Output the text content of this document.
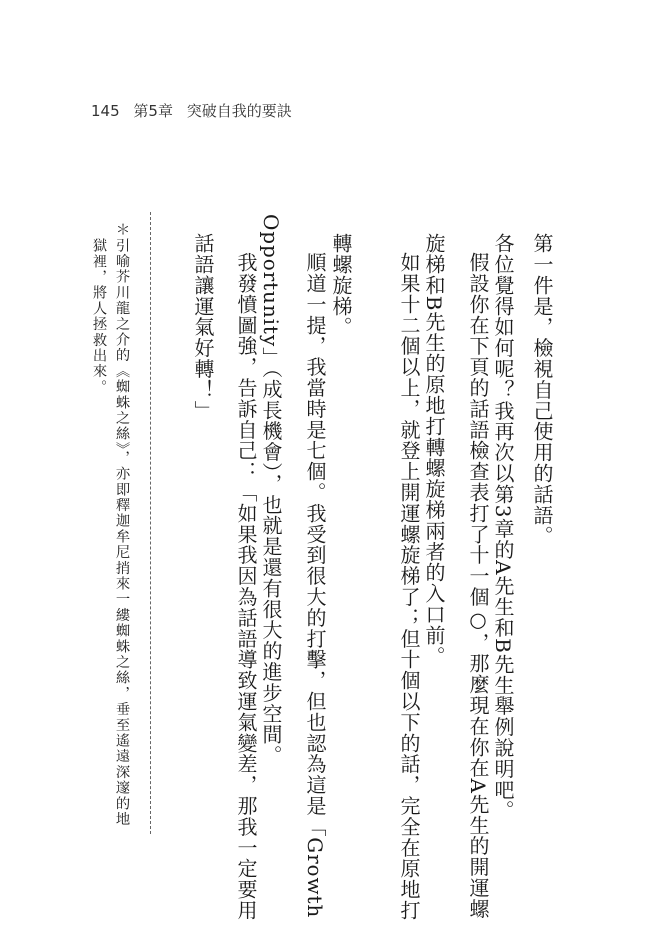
145 第5章 突破自我的要訣
第一件是，檢視自己使用的話語。
各位覺得如何呢？我再次以第3章的A先生和B先生舉例說明吧。
假設你在下頁的話語檢查表打了十一個○，那麼現在你在A先生的開運螺
旋梯和B先生的原地打轉螺旋梯兩者的入口前。
如果十二個以上，就登上開運螺旋梯了；但十個以下的話，完全在原地打
轉螺旋梯。
順道一提，我當時是七個。我受到很大的打擊，但也認為這是「Growth
Opportunity」（成長機會），也就是還有很大的進步空間。
我發憤圖強，告訴自己：「如果我因為話語導致運氣變差，那我一定要用
話語讓運氣好轉！」
＊引喻芥川龍之介的《蜘蛛之絲》，亦即釋迦牟尼捎來一縷蜘蛛之絲，垂至遙遠深邃的地
獄裡，將人拯救出來。
